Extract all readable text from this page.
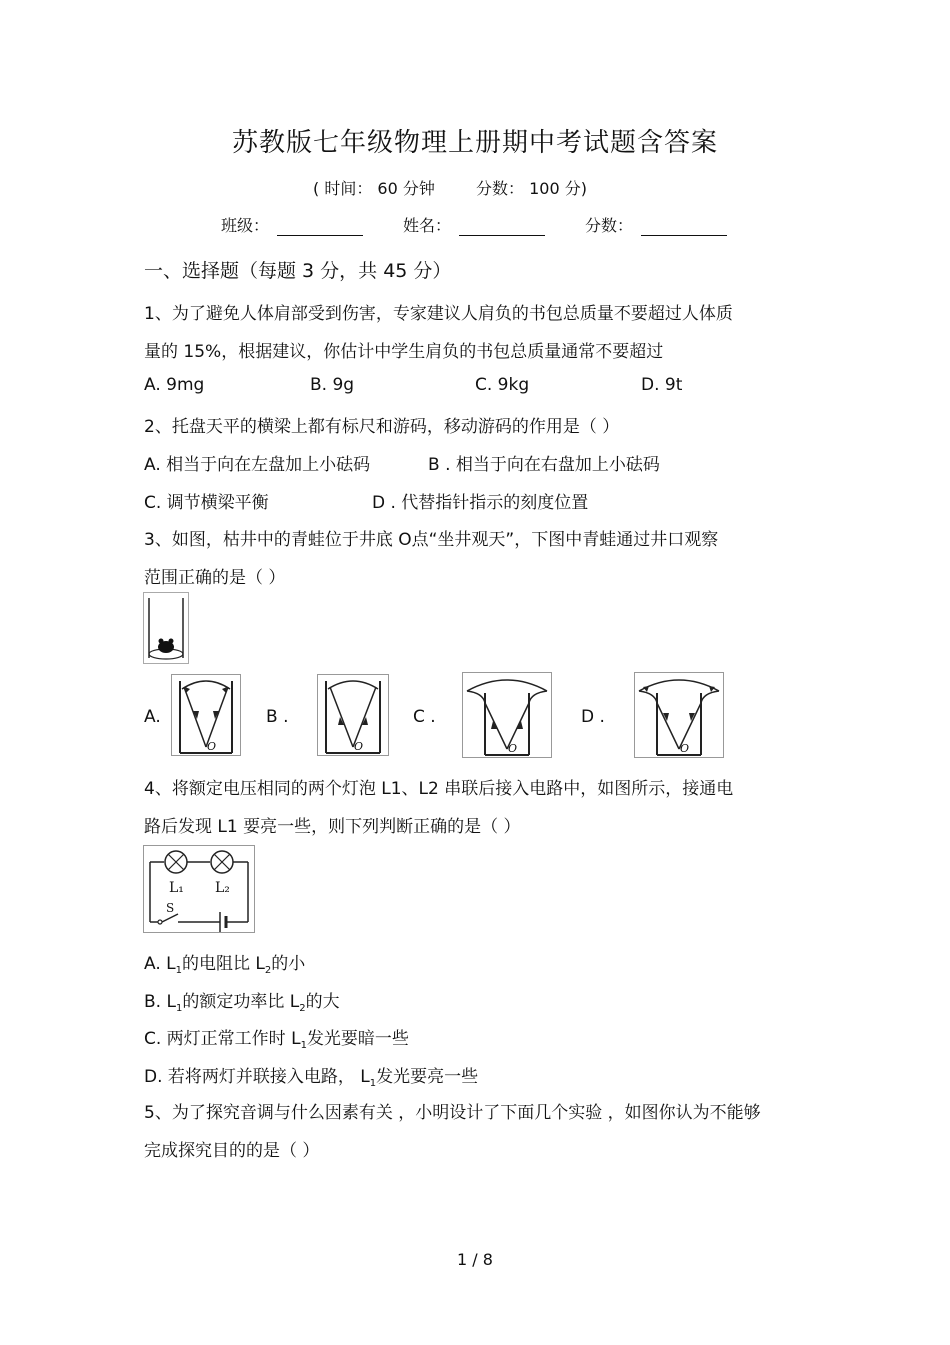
苏教版七年级物理上册期中考试题含答案
( 时间： 60 分钟	分数： 100 分)
班级：	姓名：	分数：
一、选择题（每题 3 分，共 45 分）
1、为了避免人体肩部受到伤害，专家建议人肩负的书包总质量不要超过人体质
量的 15%，根据建议，你估计中学生肩负的书包总质量通常不要超过
A. 9mg	B. 9g	C. 9kg	D. 9t
2、托盘天平的横梁上都有标尺和游码，移动游码的作用是（ ）
A. 相当于向在左盘加上小砝码	B . 相当于向在右盘加上小砝码
C. 调节横梁平衡	D . 代替指针指示的刻度位置
3、如图，枯井中的青蛙位于井底 O点“坐井观天”，下图中青蛙通过井口观察
范围正确的是（ ）
A.
O
B .
O
C .
O
D .
O
4、将额定电压相同的两个灯泡 L1、L2 串联后接入电路中，如图所示，接通电
路后发现 L1 要亮一些，则下列判断正确的是（ ）
L₁ L₂
S
A. $L_1$的电阻比 $L_2$的小
B. $L_1$的额定功率比 $L_2$的大
C. 两灯正常工作时 $L_1$发光要暗一些
D. 若将两灯并联接入电路， $L_1$发光要亮一些
5、为了探究音调与什么因素有关 ，小明设计了下面几个实验 ，如图你认为不能够
完成探究目的的是（ ）
1 / 8
